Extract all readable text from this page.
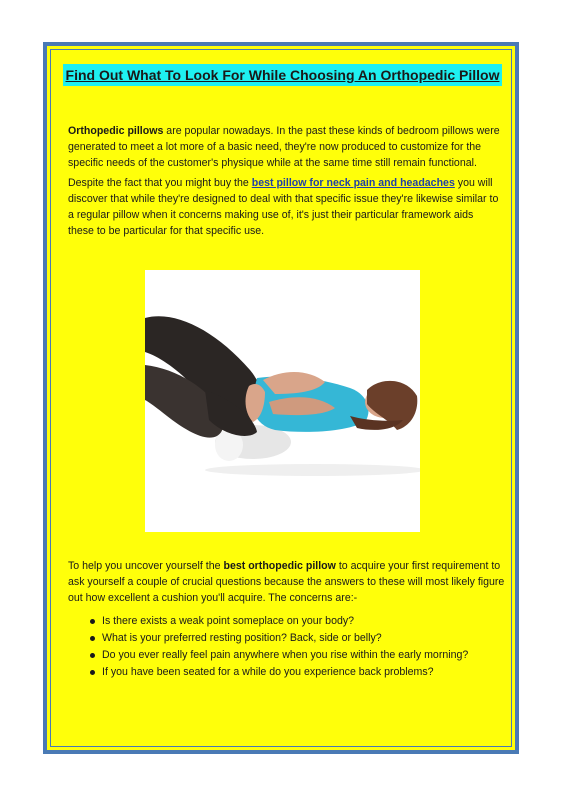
Find Out What To Look For While Choosing An Orthopedic Pillow

Orthopedic pillows are popular nowadays. In the past these kinds of bedroom pillows were generated to meet a lot more of a basic need, they're now produced to customize for the specific needs of the customer's physique while at the same time still remain functional.

Despite the fact that you might buy the best pillow for neck pain and headaches you will discover that while they're designed to deal with that specific issue they're likewise similar to a regular pillow when it concerns making use of, it's just their particular framework aids these to be particular for that specific use.

To help you uncover yourself the best orthopedic pillow to acquire your first requirement to ask yourself a couple of crucial questions because the answers to these will most likely figure out how excellent a cushion you'll acquire. The concerns are:-

Is there exists a weak point someplace on your body?
What is your preferred resting position? Back, side or belly?
Do you ever really feel pain anywhere when you rise within the early morning?
If you have been seated for a while do you experience back problems?
